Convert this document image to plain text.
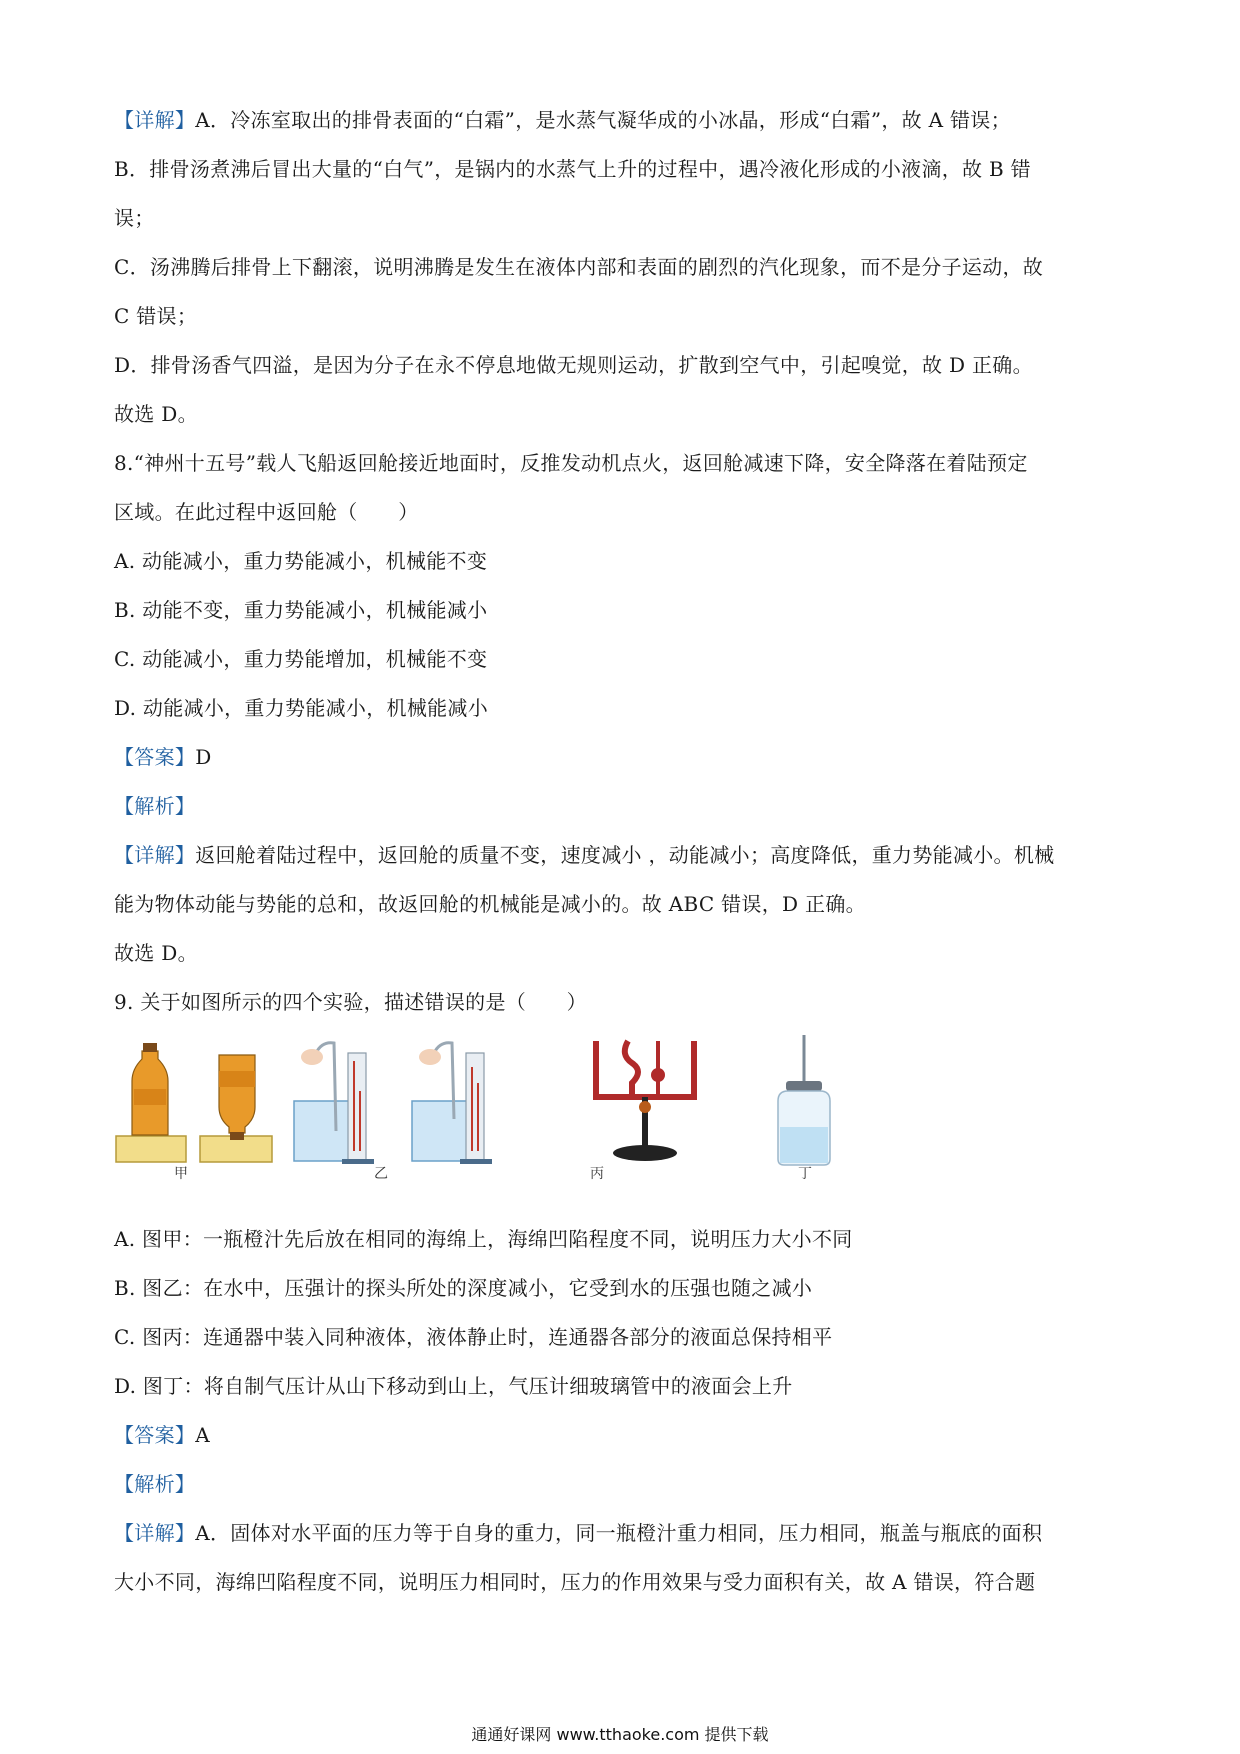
【详解】A．冷冻室取出的排骨表面的“白霜”，是水蒸气凝华成的小冰晶，形成“白霜”，故 A 错误；

B．排骨汤煮沸后冒出大量的“白气”，是锅内的水蒸气上升的过程中，遇冷液化形成的小液滴，故 B 错

误；

C．汤沸腾后排骨上下翻滚，说明沸腾是发生在液体内部和表面的剧烈的汽化现象，而不是分子运动，故

C 错误；

D．排骨汤香气四溢，是因为分子在永不停息地做无规则运动，扩散到空气中，引起嗅觉，故 D 正确。

故选 D。

8.“神州十五号”载人飞船返回舱接近地面时，反推发动机点火，返回舱减速下降，安全降落在着陆预定

区域。在此过程中返回舱（　　）

A. 动能减小，重力势能减小，机械能不变

B. 动能不变，重力势能减小，机械能减小

C. 动能减小，重力势能增加，机械能不变

D. 动能减小，重力势能减小，机械能减小

【答案】D

【解析】

【详解】返回舱着陆过程中，返回舱的质量不变，速度减小 ，动能减小；高度降低，重力势能减小。机械

能为物体动能与势能的总和，故返回舱的机械能是减小的。故 ABC 错误，D 正确。

故选 D。

9. 关于如图所示的四个实验，描述错误的是（　　）

甲	乙	丙	丁

A. 图甲：一瓶橙汁先后放在相同的海绵上，海绵凹陷程度不同，说明压力大小不同

B. 图乙：在水中，压强计的探头所处的深度减小，它受到水的压强也随之减小

C. 图丙：连通器中装入同种液体，液体静止时，连通器各部分的液面总保持相平

D. 图丁：将自制气压计从山下移动到山上，气压计细玻璃管中的液面会上升

【答案】A

【解析】

【详解】A．固体对水平面的压力等于自身的重力，同一瓶橙汁重力相同，压力相同，瓶盖与瓶底的面积

大小不同，海绵凹陷程度不同，说明压力相同时，压力的作用效果与受力面积有关，故 A 错误，符合题

通通好课网 www.tthaoke.com 提供下载
